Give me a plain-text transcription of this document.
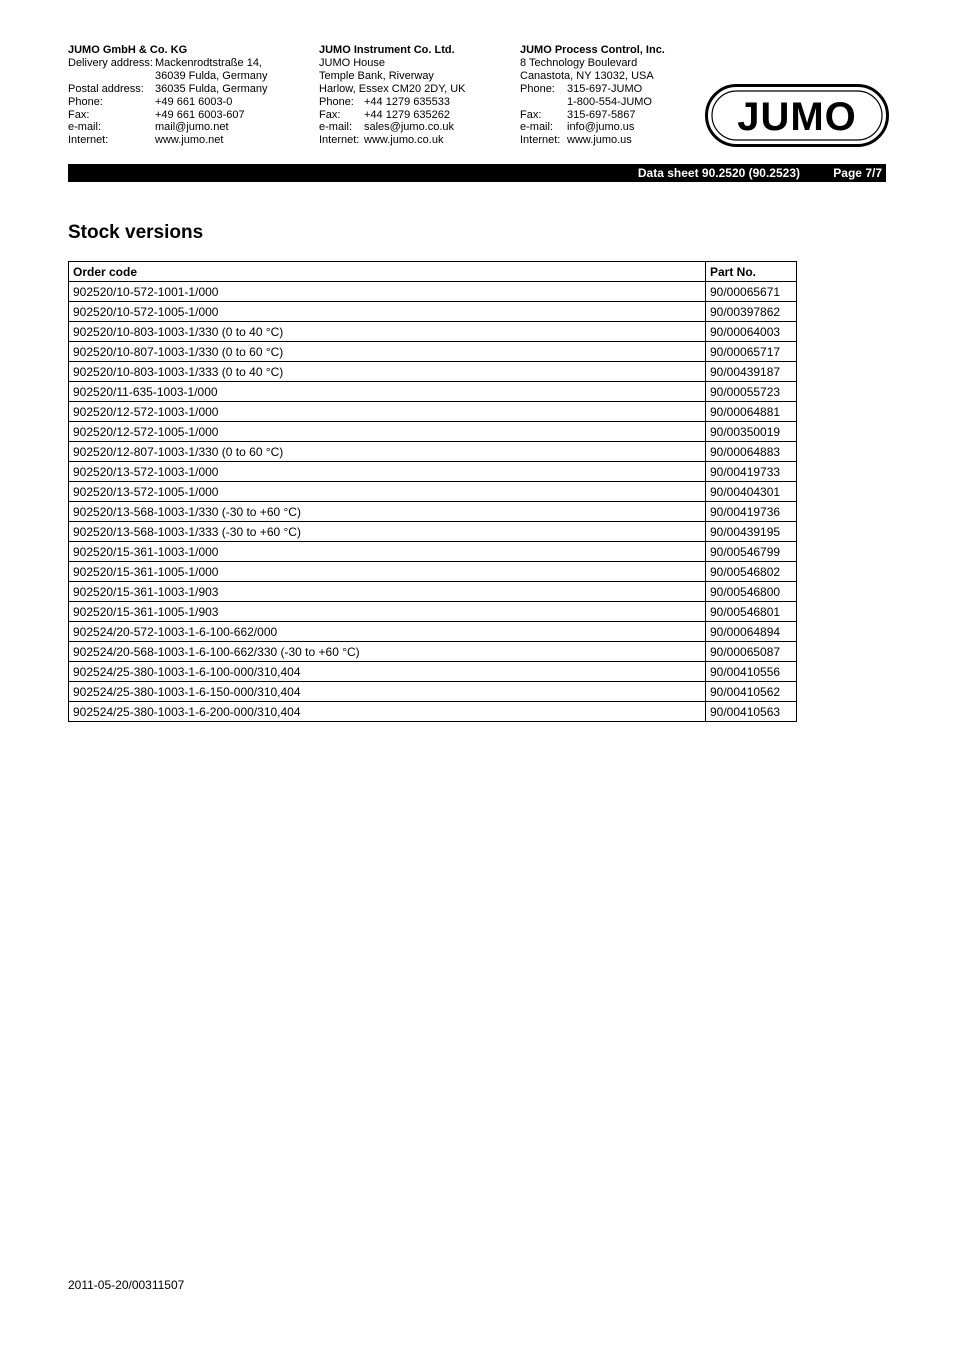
JUMO GmbH & Co. KG
Delivery address: Mackenrodtstraße 14,
36039 Fulda, Germany
Postal address:	36035 Fulda, Germany
Phone:	+49 661 6003-0
Fax:	+49 661 6003-607
e-mail:	mail@jumo.net
Internet:	www.jumo.net
JUMO Instrument Co. Ltd.
JUMO House
Temple Bank, Riverway
Harlow, Essex CM20 2DY, UK
Phone: +44 1279 635533
Fax:	+44 1279 635262
e-mail:	sales@jumo.co.uk
Internet: www.jumo.co.uk
JUMO Process Control, Inc.
8 Technology Boulevard
Canastota, NY 13032, USA
Phone:	315-697-JUMO
1-800-554-JUMO
Fax:	315-697-5867
e-mail:	info@jumo.us
Internet: www.jumo.us
JUMO
Data sheet 90.2520 (90.2523)	Page 7/7
Stock versions
Order code	Part No.
902520/10-572-1001-1/000	90/00065671
902520/10-572-1005-1/000	90/00397862
902520/10-803-1003-1/330 (0 to 40 °C)	90/00064003
902520/10-807-1003-1/330 (0 to 60 °C)	90/00065717
902520/10-803-1003-1/333 (0 to 40 °C)	90/00439187
902520/11-635-1003-1/000	90/00055723
902520/12-572-1003-1/000	90/00064881
902520/12-572-1005-1/000	90/00350019
902520/12-807-1003-1/330 (0 to 60 °C)	90/00064883
902520/13-572-1003-1/000	90/00419733
902520/13-572-1005-1/000	90/00404301
902520/13-568-1003-1/330 (-30 to +60 °C)	90/00419736
902520/13-568-1003-1/333 (-30 to +60 °C)	90/00439195
902520/15-361-1003-1/000	90/00546799
902520/15-361-1005-1/000	90/00546802
902520/15-361-1003-1/903	90/00546800
902520/15-361-1005-1/903	90/00546801
902524/20-572-1003-1-6-100-662/000	90/00064894
902524/20-568-1003-1-6-100-662/330 (-30 to +60 °C)	90/00065087
902524/25-380-1003-1-6-100-000/310,404	90/00410556
902524/25-380-1003-1-6-150-000/310,404	90/00410562
902524/25-380-1003-1-6-200-000/310,404	90/00410563
2011-05-20/00311507
